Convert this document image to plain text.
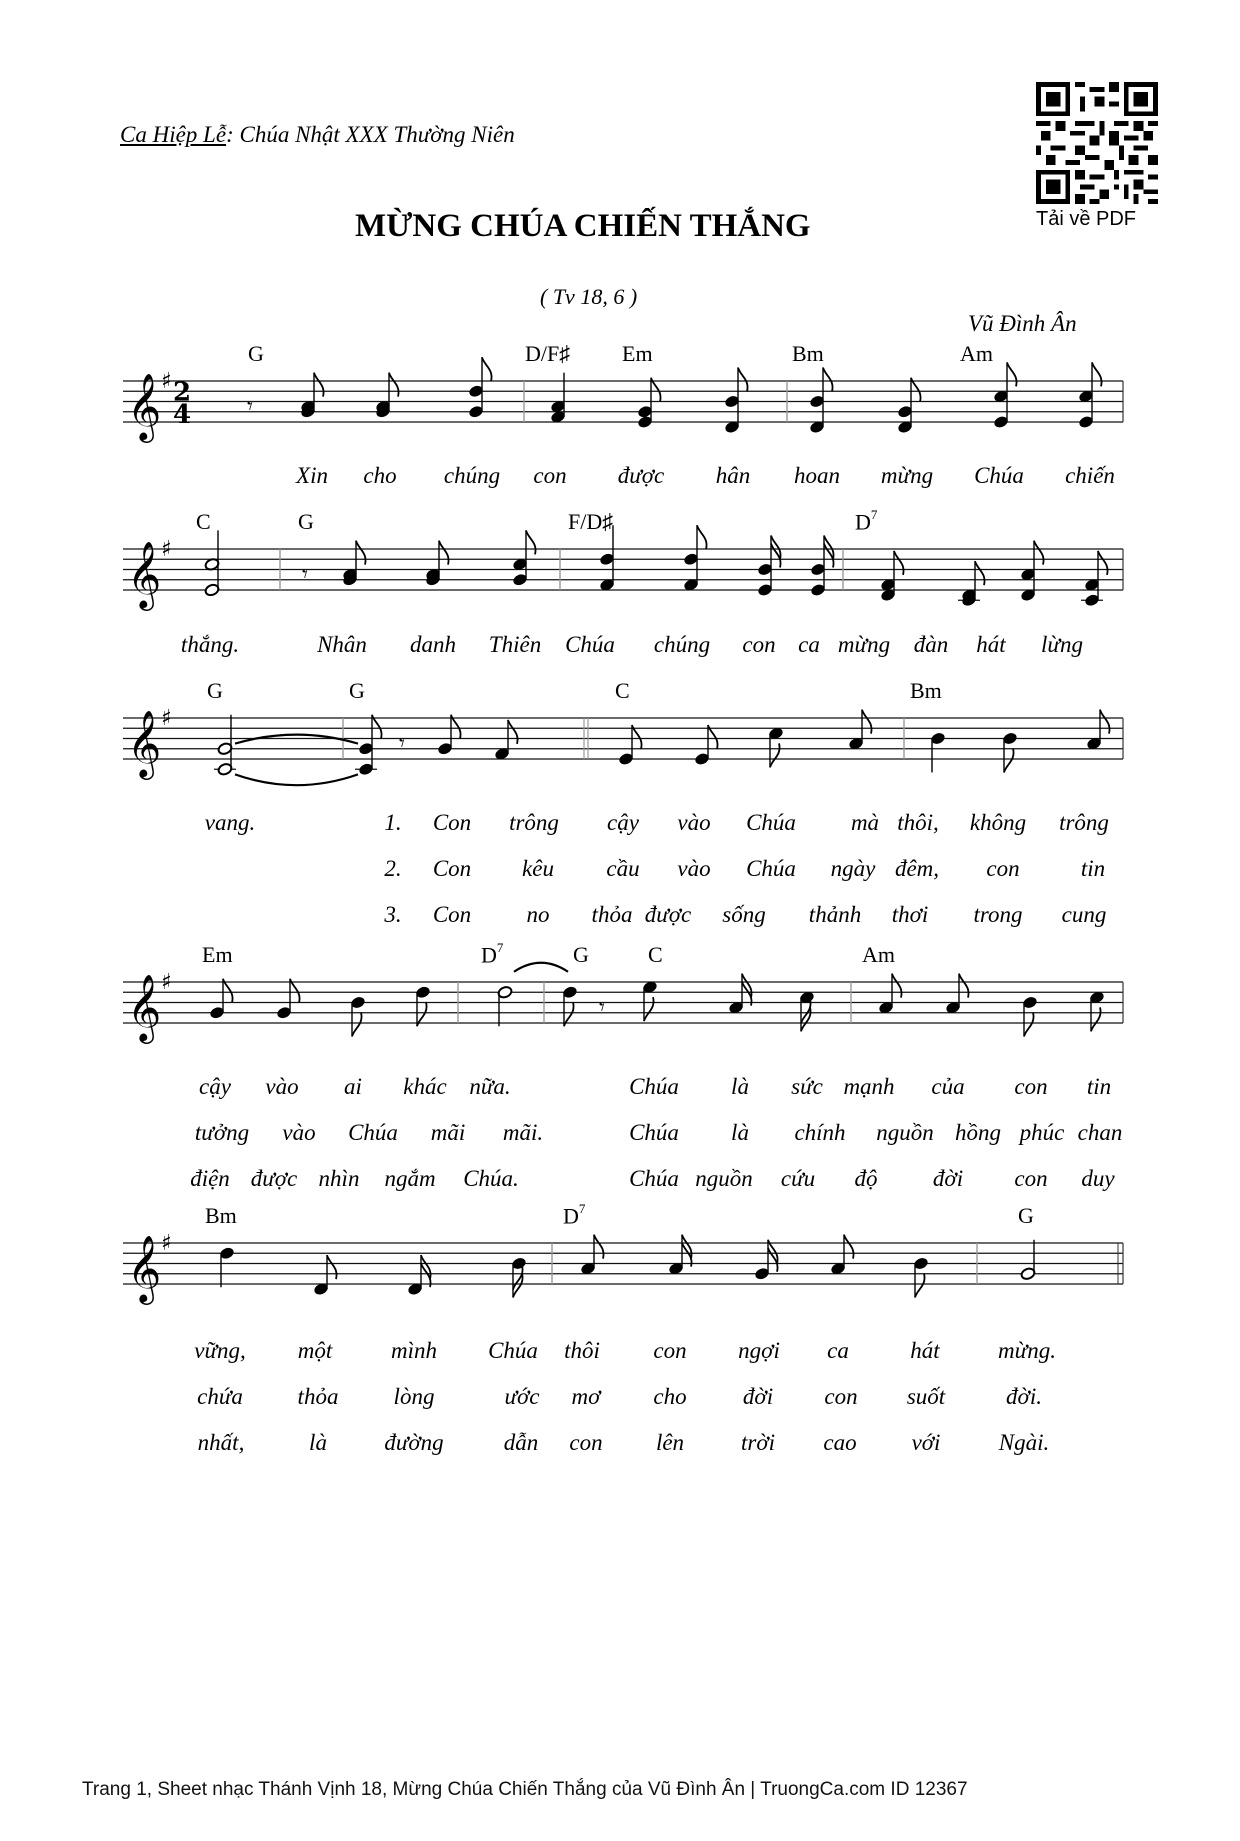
Ca Hiệp Lễ: Chúa Nhật XXX Thường Niên
MỪNG CHÚA CHIẾN THẮNG
( Tv 18, 6 )
Vũ Đình Ân
Tải về PDF
𝄞 ♯ 2
4	𝄾
𝄞 ♯
𝄾
𝄞 ♯
𝄾
𝄞 ♯
𝄾
𝄞 ♯
G	D/F♯ Em	Bm	Am
Xin cho chúng con được hân hoan mừng Chúa chiến
C	G	F/D♯	$D^7$
thắng.	Nhân danh Thiên Chúa chúng con ca mừng đàn hát lừng
G	G	C	Bm
vang.	1. Con trông cậy vào Chúa mà thôi, không trông
2. Con kêu cầu vào Chúa ngày đêm, con	tin
3. Con no thỏa được sống thảnh thơi trong cung
Em	$D^7$	G	C	Am
cậy vào ai khác nữa.	Chúa là sức mạnh của con tin
tưởng vào Chúa mãi mãi.	Chúa là chính nguồn hồng phúc chan
điện được nhìn ngắm Chúa.	Chúa nguồn cứu độ đời con duy
Bm	$D^7$	G
vững, một	mình Chúa thôi con ngợi ca	hát	mừng.
chứa thỏa lòng	ước mơ cho đời con suốt	đời.
nhất,	là đường	dẫn con lên trời cao với	Ngài.
Trang 1, Sheet nhạc Thánh Vịnh 18, Mừng Chúa Chiến Thắng của Vũ Đình Ân | TruongCa.com ID 12367
